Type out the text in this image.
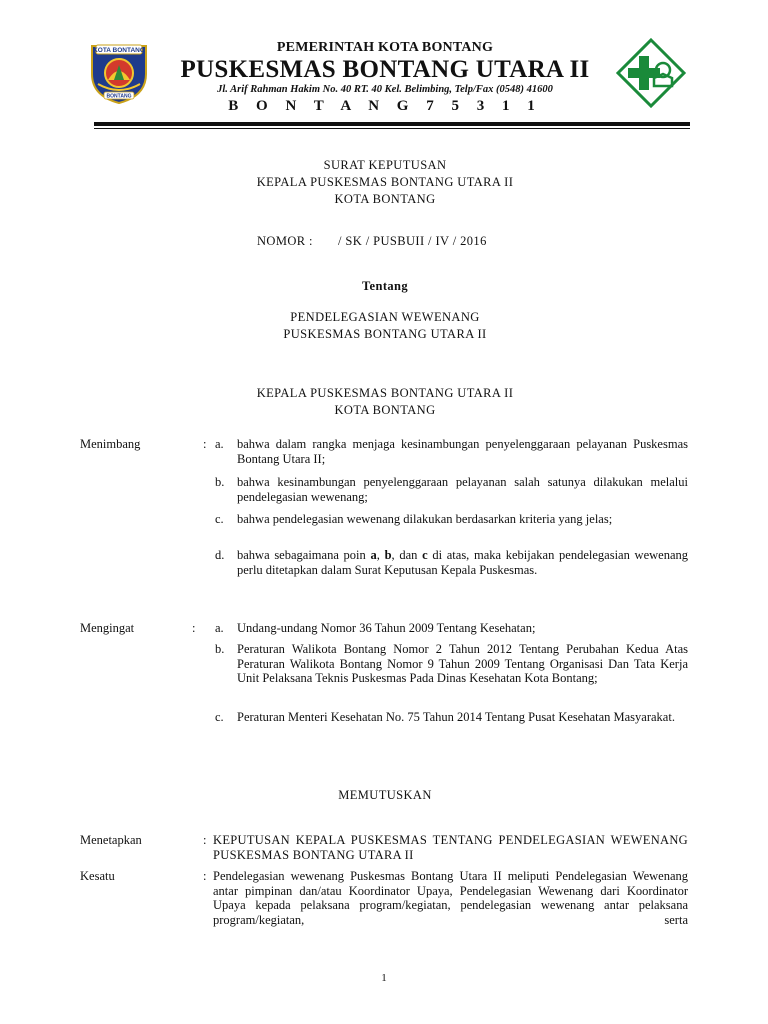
KOTA BONTANG
BONTANG
PEMERINTAH KOTA BONTANG
PUSKESMAS BONTANG UTARA II
Jl. Arif Rahman Hakim No. 40 RT. 40 Kel. Belimbing, Telp/Fax (0548) 41600
B O N T A N G 7 5 3 1 1
SURAT KEPUTUSAN
KEPALA PUSKESMAS BONTANG UTARA II
KOTA BONTANG
NOMOR : / SK / PUSBUII / IV / 2016
Tentang
PENDELEGASIAN WEWENANG
PUSKESMAS BONTANG UTARA II
KEPALA PUSKESMAS BONTANG UTARA II
KOTA BONTANG
Menimbang	: a. bahwa dalam rangka menjaga kesinambungan penyelenggaraan pelayanan Puskesmas Bontang Utara II;
b. bahwa kesinambungan penyelenggaraan pelayanan salah satunya dilakukan melalui pendelegasian wewenang;
c. bahwa pendelegasian wewenang dilakukan berdasarkan kriteria yang jelas;
d. bahwa sebagaimana poin a, b, dan c di atas, maka kebijakan pendelegasian wewenang perlu ditetapkan dalam Surat Keputusan Kepala Puskesmas.
Mengingat	: a. Undang-undang Nomor 36 Tahun 2009 Tentang Kesehatan;
b. Peraturan Walikota Bontang Nomor 2 Tahun 2012 Tentang Perubahan Kedua Atas Peraturan Walikota Bontang Nomor 9 Tahun 2009 Tentang Organisasi Dan Tata Kerja Unit Pelaksana Teknis Puskesmas Pada Dinas Kesehatan Kota Bontang;
c. Peraturan Menteri Kesehatan No. 75 Tahun 2014 Tentang Pusat Kesehatan Masyarakat.
MEMUTUSKAN
Menetapkan	: KEPUTUSAN KEPALA PUSKESMAS TENTANG PENDELEGASIAN WEWENANG PUSKESMAS BONTANG UTARA II
Kesatu	: Pendelegasian wewenang Puskesmas Bontang Utara II meliputi Pendelegasian Wewenang antar pimpinan dan/atau Koordinator Upaya, Pendelegasian Wewenang dari Koordinator Upaya kepada pelaksana program/kegiatan, pendelegasian wewenang antar pelaksana program/kegiatan, serta
1
